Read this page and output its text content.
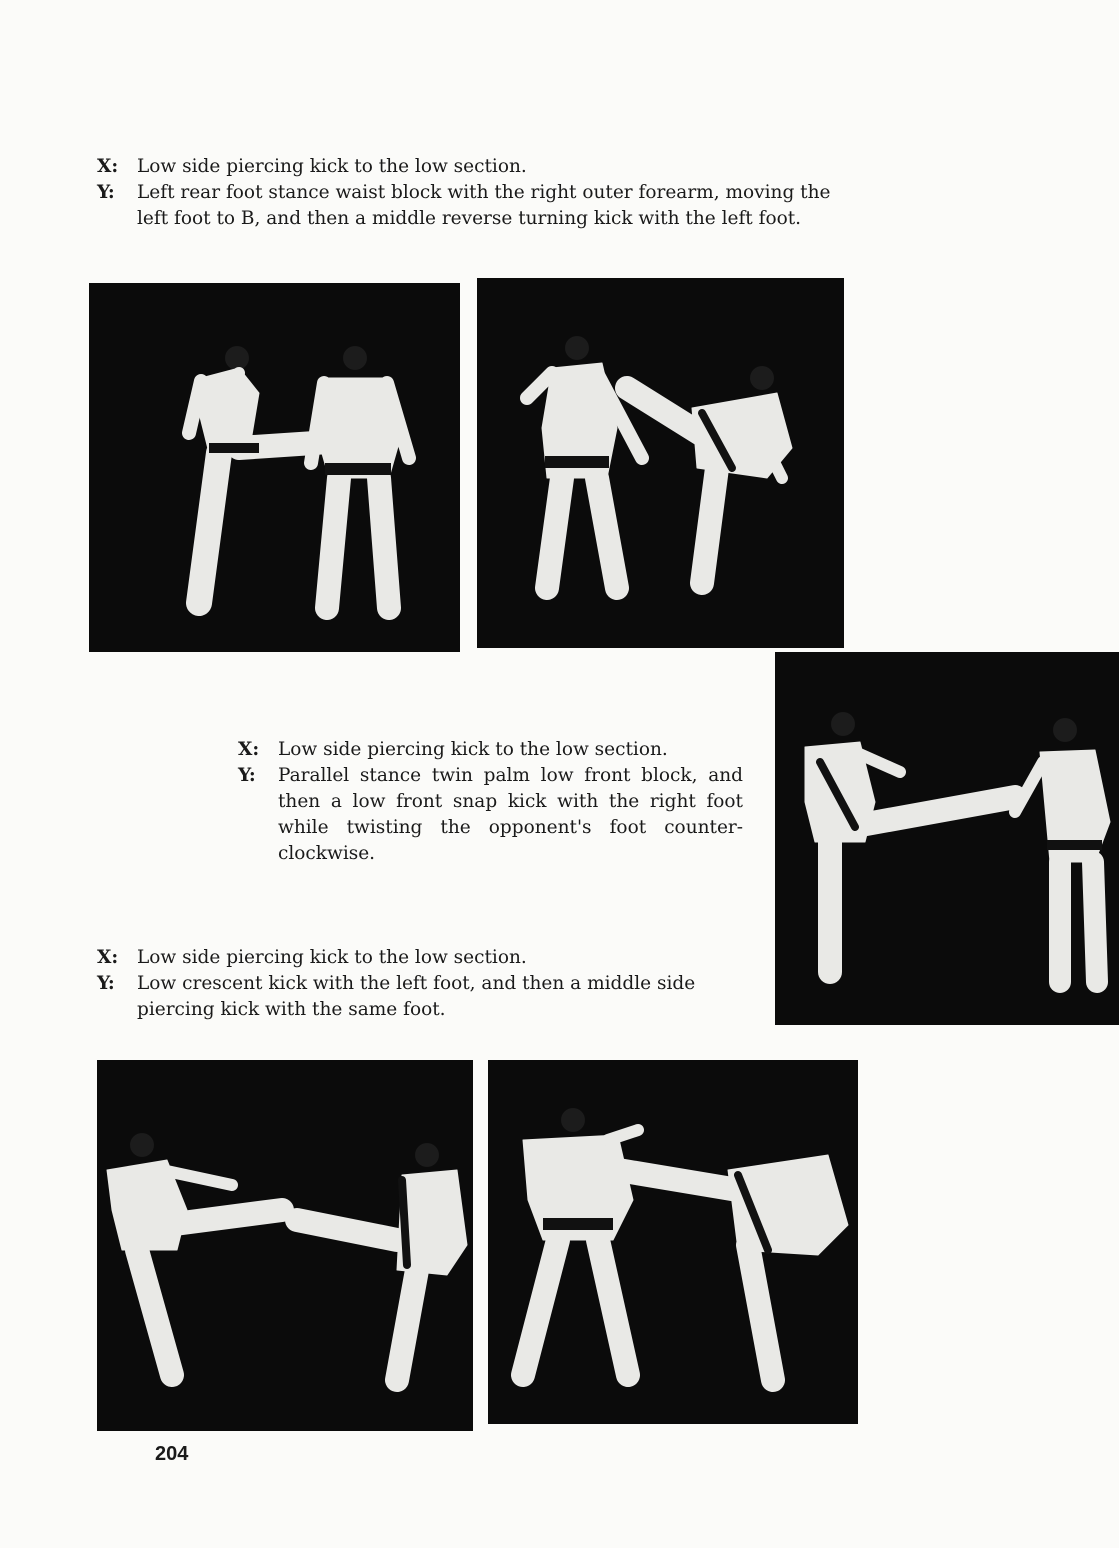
X:	Low side piercing kick to the low section.
Y:	Left rear foot stance waist block with the right outer forearm, moving the left foot to B, and then a middle reverse turning kick with the left foot.
X:	Low side piercing kick to the low section.
Y:	Parallel stance twin palm low front block, and then a low front snap kick with the right foot while twisting the opponent's foot counter-clockwise.
X:	Low side piercing kick to the low section.
Y:	Low crescent kick with the left foot, and then a middle side piercing kick with the same foot.
204
